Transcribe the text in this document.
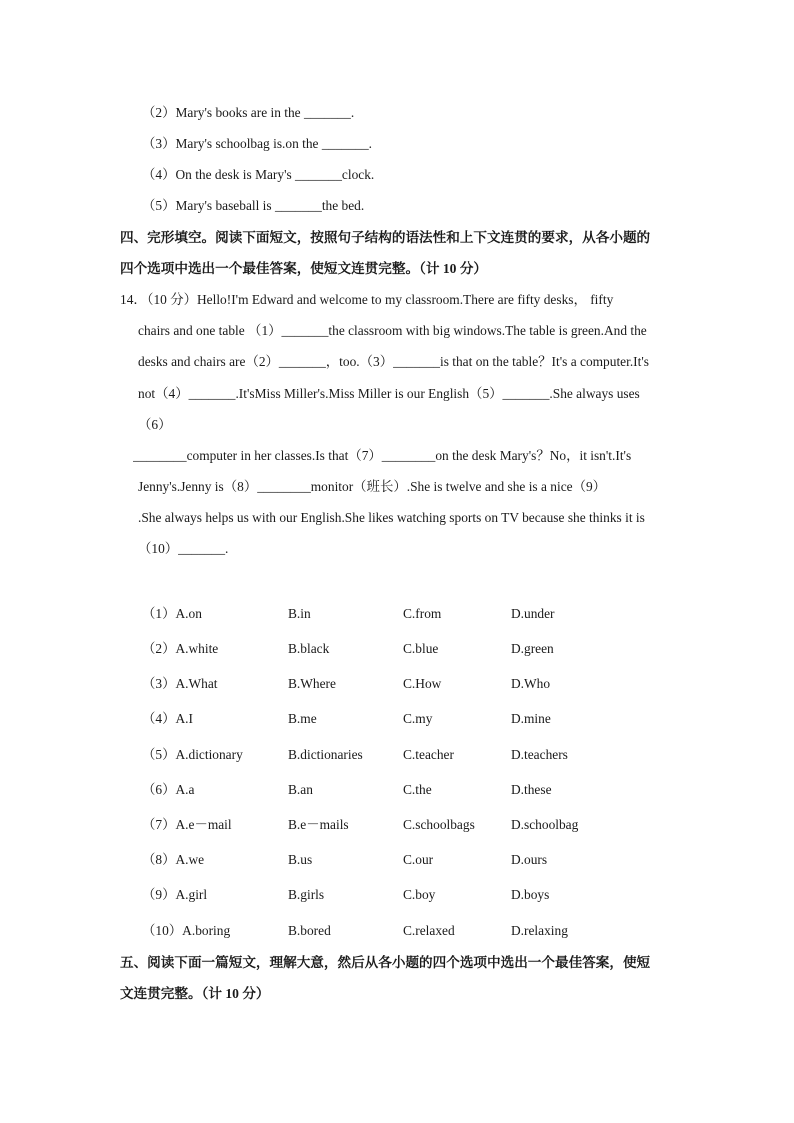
（2）Mary's books are in the _______.
（3）Mary's schoolbag is.on the _______.
（4）On the desk is Mary's _______clock.
（5）Mary's baseball is _______the bed.
四、完形填空。阅读下面短文，按照句子结构的语法性和上下文连贯的要求，从各小题的
四个选项中选出一个最佳答案，使短文连贯完整。（计 10 分）
14．（10 分）Hello!I'm Edward and welcome to my classroom.There are fifty desks， fifty
chairs and one table （1）_______the classroom with big windows.The table is green.And the
desks and chairs are（2）_______，too.（3）_______is that on the table？It's a computer.It's
not（4）_______.It'sMiss Miller's.Miss Miller is our English（5）_______.She always uses
（6）
________computer in her classes.Is that（7）________on the desk Mary's？No，it isn't.It's
Jenny's.Jenny is（8）________monitor（班长）.She is twelve and she is a nice（9）
.She always helps us with our English.She likes watching sports on TV because she thinks it is
（10）_______.
（1）A.on	B.in	C.from	D.under
（2）A.white	B.black	C.blue	D.green
（3）A.What	B.Where	C.How	D.Who
（4）A.I	B.me	C.my	D.mine
（5）A.dictionary	B.dictionaries	C.teacher	D.teachers
（6）A.a	B.an	C.the	D.these
（7）A.e－mail	B.e－mails	C.schoolbags	D.schoolbag
（8）A.we	B.us	C.our	D.ours
（9）A.girl	B.girls	C.boy	D.boys
（10）A.boring	B.bored	C.relaxed	D.relaxing
五、阅读下面一篇短文，理解大意，然后从各小题的四个选项中选出一个最佳答案，使短
文连贯完整。（计 10 分）
